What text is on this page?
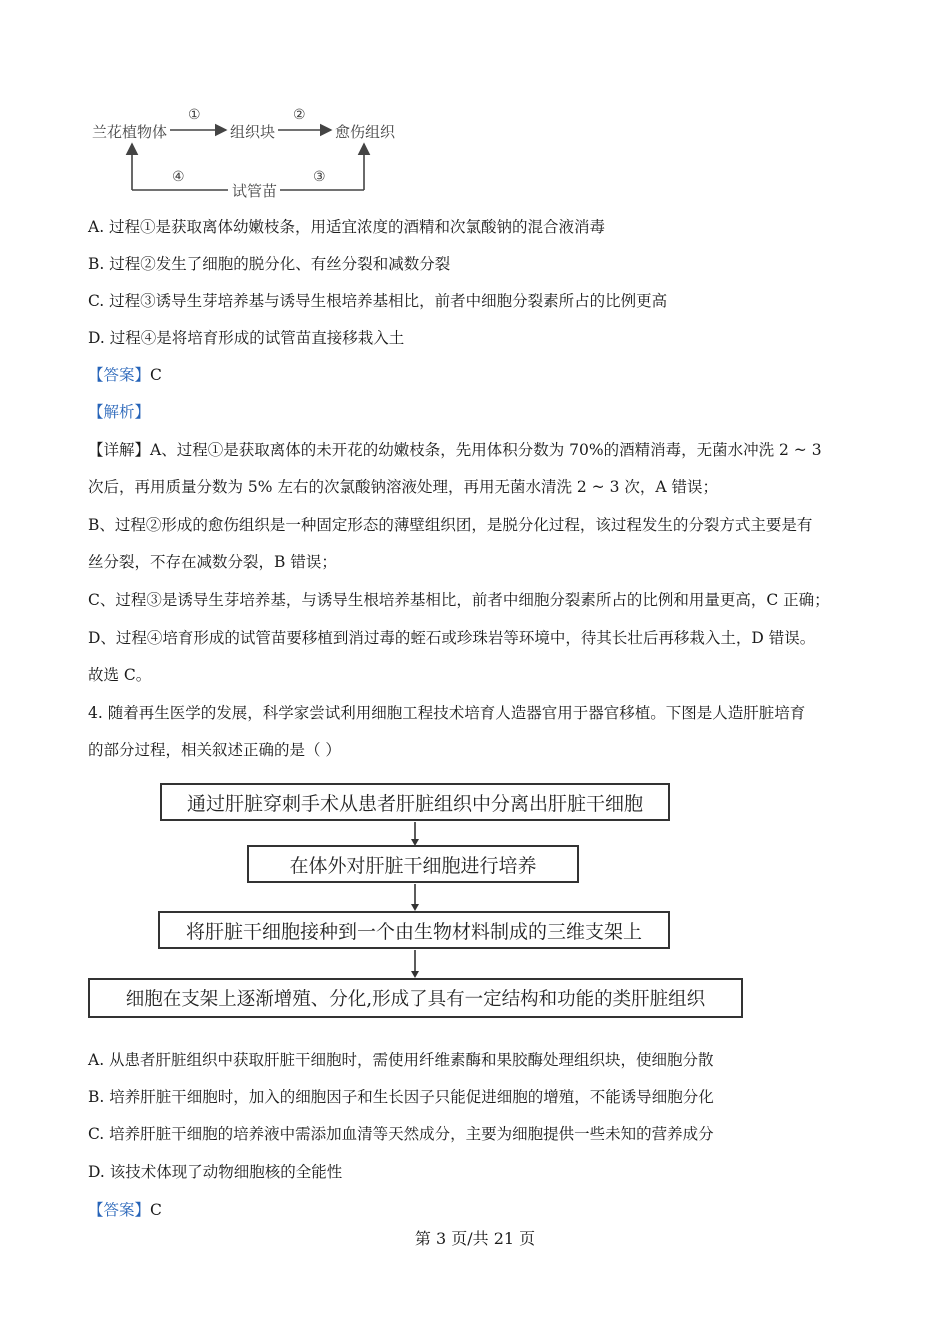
兰花植物体
①
组织块
②
愈伤组织
④
试管苗
③
A. 过程①是获取离体幼嫩枝条，用适宜浓度的酒精和次氯酸钠的混合液消毒
B. 过程②发生了细胞的脱分化、有丝分裂和减数分裂
C. 过程③诱导生芽培养基与诱导生根培养基相比，前者中细胞分裂素所占的比例更高
D. 过程④是将培育形成的试管苗直接移栽入土
【答案】C
【解析】
【详解】A、过程①是获取离体的未开花的幼嫩枝条，先用体积分数为 70%的酒精消毒，无菌水冲洗 2 ~ 3
次后，再用质量分数为 5% 左右的次氯酸钠溶液处理，再用无菌水清洗 2 ~ 3 次，A 错误；
B、过程②形成的愈伤组织是一种固定形态的薄壁组织团，是脱分化过程，该过程发生的分裂方式主要是有
丝分裂，不存在减数分裂，B 错误；
C、过程③是诱导生芽培养基，与诱导生根培养基相比，前者中细胞分裂素所占的比例和用量更高，C 正确；
D、过程④培育形成的试管苗要移植到消过毒的蛭石或珍珠岩等环境中，待其长壮后再移栽入土，D 错误。
故选 C。
4. 随着再生医学的发展，科学家尝试利用细胞工程技术培育人造器官用于器官移植。下图是人造肝脏培育
的部分过程，相关叙述正确的是（ ）
通过肝脏穿刺手术从患者肝脏组织中分离出肝脏干细胞
在体外对肝脏干细胞进行培养
将肝脏干细胞接种到一个由生物材料制成的三维支架上
细胞在支架上逐渐增殖、分化,形成了具有一定结构和功能的类肝脏组织
A. 从患者肝脏组织中获取肝脏干细胞时，需使用纤维素酶和果胶酶处理组织块，使细胞分散
B. 培养肝脏干细胞时，加入的细胞因子和生长因子只能促进细胞的增殖，不能诱导细胞分化
C. 培养肝脏干细胞的培养液中需添加血清等天然成分，主要为细胞提供一些未知的营养成分
D. 该技术体现了动物细胞核的全能性
【答案】C
第 3 页/共 21 页
